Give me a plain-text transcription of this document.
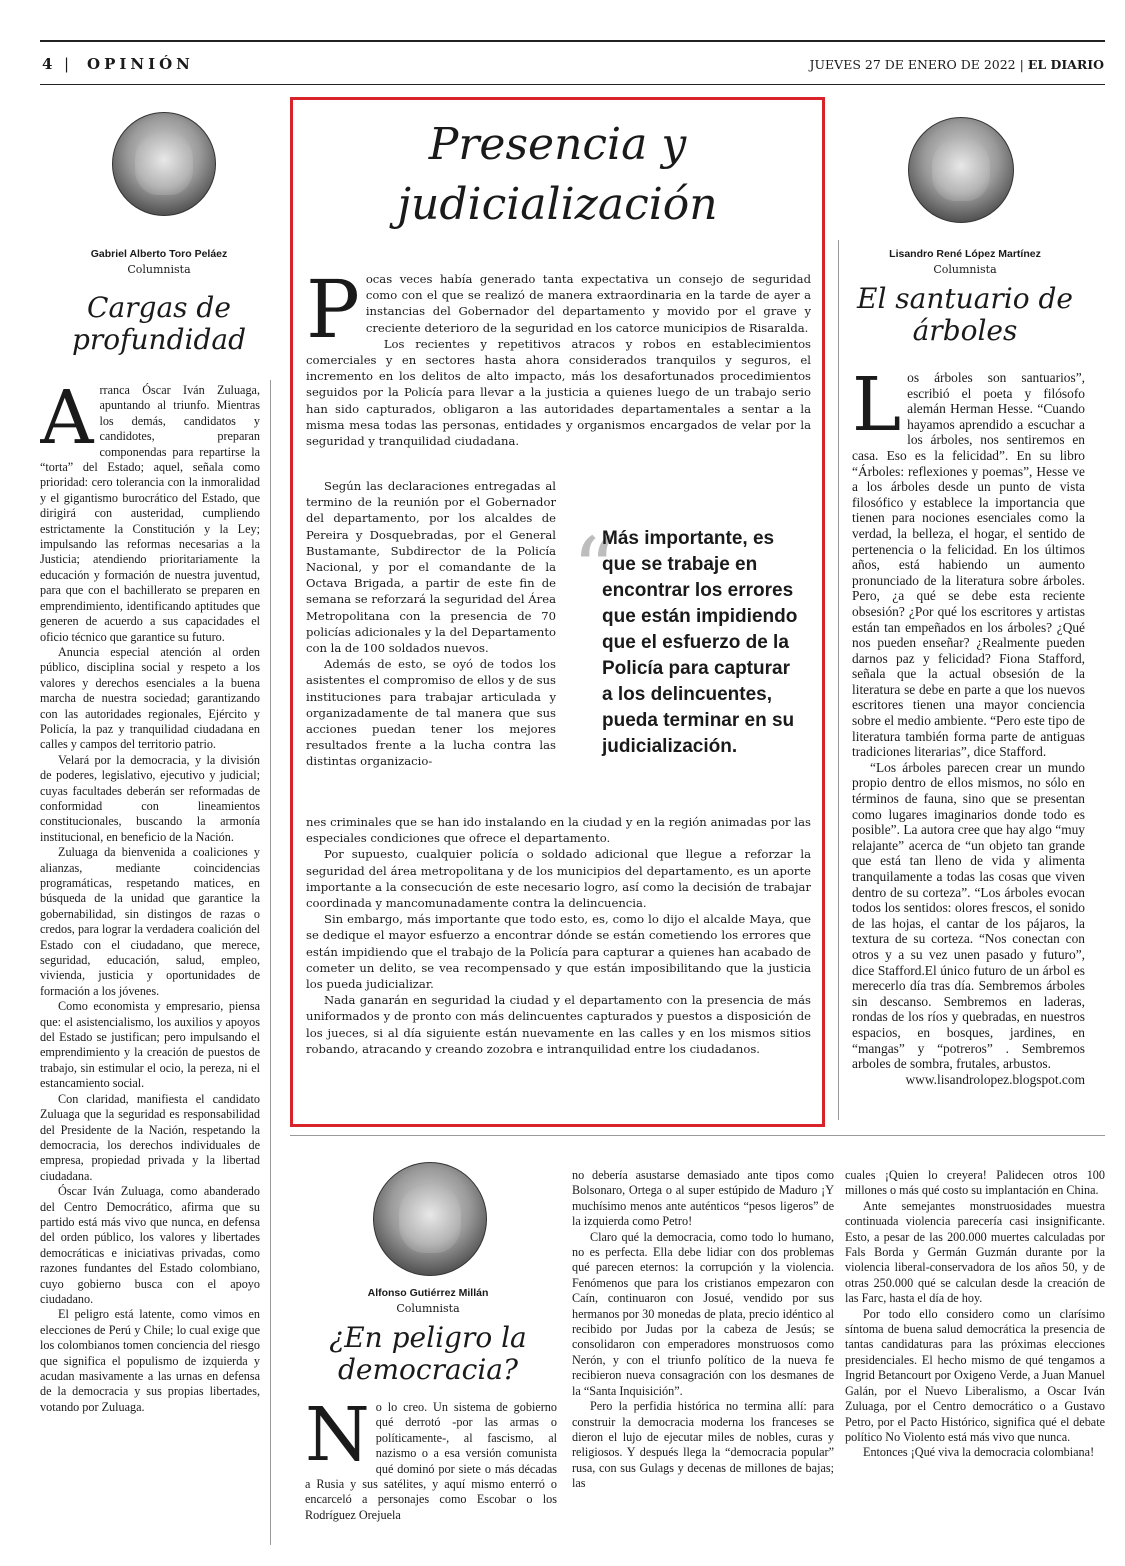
4 | OPINIÓN	JUEVES 27 DE ENERO DE 2022 | EL DIARIO
Gabriel Alberto Toro Peláez
Columnista
Cargas de
profundidad
A rranca Óscar Iván Zuluaga, apuntando al triunfo. Mientras los demás, candidatos y candidotes, preparan componendas para repartirse la “torta” del Estado; aquel, señala como prioridad: cero tolerancia con la inmoralidad y el gigantismo burocrático del Estado, que dirigirá con austeridad, cumpliendo estrictamente la Constitución y la Ley; impulsando las reformas necesarias a la Justicia; atendiendo prioritariamente la educación y formación de nuestra juventud, para que con el bachillerato se preparen en emprendimiento, identificando aptitudes que generen de acuerdo a sus capacidades el oficio técnico que garantice su futuro.

Anuncia especial atención al orden público, disciplina social y respeto a los valores y derechos esenciales a la buena marcha de nuestra sociedad; garantizando con las autoridades regionales, Ejército y Policía, la paz y tranquilidad ciudadana en calles y campos del territorio patrio.

Velará por la democracia, y la división de poderes, legislativo, ejecutivo y judicial; cuyas facultades deberán ser reformadas de conformidad con lineamientos constitucionales, buscando la armonía institucional, en beneficio de la Nación.

Zuluaga da bienvenida a coaliciones y alianzas, mediante coincidencias programáticas, respetando matices, en búsqueda de la unidad que garantice la gobernabilidad, sin distingos de razas o credos, para lograr la verdadera coalición del Estado con el ciudadano, que merece, seguridad, educación, salud, empleo, vivienda, justicia y oportunidades de formación a los jóvenes.

Como economista y empresario, piensa que: el asistencialismo, los auxilios y apoyos del Estado se justifican; pero impulsando el emprendimiento y la creación de puestos de trabajo, sin estimular el ocio, la pereza, ni el estancamiento social.

Con claridad, manifiesta el candidato Zuluaga que la seguridad es responsabilidad del Presidente de la Nación, respetando la democracia, los derechos individuales de empresa, propiedad privada y la libertad ciudadana.

Óscar Iván Zuluaga, como abanderado del Centro Democrático, afirma que su partido está más vivo que nunca, en defensa del orden público, los valores y libertades democráticas e iniciativas privadas, como razones fundantes del Estado colombiano, cuyo gobierno busca con el apoyo ciudadano.

El peligro está latente, como vimos en elecciones de Perú y Chile; lo cual exige que los colombianos tomen conciencia del riesgo que significa el populismo de izquierda y acudan masivamente a las urnas en defensa de la democracia y sus propias libertades, votando por Zuluaga.

Presencia y
judicialización
P ocas veces había generado tanta expectativa un consejo de seguridad como con el que se realizó de manera extraordinaria en la tarde de ayer a instancias del Gobernador del departamento y movido por el grave y creciente deterioro de la seguridad en los catorce municipios de Risaralda.

Los recientes y repetitivos atracos y robos en establecimientos comerciales y en sectores hasta ahora considerados tranquilos y seguros, el incremento en los delitos de alto impacto, más los desafortunados procedimientos seguidos por la Policía para llevar a la justicia a quienes luego de un trabajo serio han sido capturados, obligaron a las autoridades departamentales a sentar a la misma mesa todas las personas, entidades y organismos encargados de velar por la seguridad y tranquilidad ciudadana.

Según las declaraciones entregadas al termino de la reunión por el Gobernador del departamento, por los alcaldes de Pereira y Dosquebradas, por el General Bustamante, Subdirector de la Policía Nacional, y por el comandante de la Octava Brigada, a partir de este fin de semana se reforzará la seguridad del Área Metropolitana con la presencia de 70 policías adicionales y la del Departamento con la de 100 soldados nuevos.

Además de esto, se oyó de todos los asistentes el compromiso de ellos y de sus instituciones para trabajar articulada y organizadamente de tal manera que sus acciones puedan tener los mejores resultados frente a la lucha contra las distintas organizacio-

“
Más importante, es que se trabaje en encontrar los errores que están impidiendo que el esfuerzo de la Policía para capturar a los delincuentes, pueda terminar en su judicialización.

nes criminales que se han ido instalando en la ciudad y en la región animadas por las especiales condiciones que ofrece el departamento.

Por supuesto, cualquier policía o soldado adicional que llegue a reforzar la seguridad del área metropolitana y de los municipios del departamento, es un aporte importante a la consecución de este necesario logro, así como la decisión de trabajar coordinada y mancomunadamente contra la delincuencia.

Sin embargo, más importante que todo esto, es, como lo dijo el alcalde Maya, que se dedique el mayor esfuerzo a encontrar dónde se están cometiendo los errores que están impidiendo que el trabajo de la Policía para capturar a quienes han acabado de cometer un delito, se vea recompensado y que están imposibilitando que la justicia los pueda judicializar.

Nada ganarán en seguridad la ciudad y el departamento con la presencia de más uniformados y de pronto con más delincuentes capturados y puestos a disposición de los jueces, si al día siguiente están nuevamente en las calles y en los mismos sitios robando, atracando y creando zozobra e intranquilidad entre los ciudadanos.

Lisandro René López Martínez
Columnista
El santuario de
árboles
L os árboles son santuarios”, escribió el poeta y filósofo alemán Herman Hesse. “Cuando hayamos aprendido a escuchar a los árboles, nos sentiremos en casa. Eso es la felicidad”. En su libro “Árboles: reflexiones y poemas”, Hesse ve a los árboles desde un punto de vista filosófico y establece la importancia que tienen para nociones esenciales como la verdad, la belleza, el hogar, el sentido de pertenencia o la felicidad. En los últimos años, está habiendo un aumento pronunciado de la literatura sobre árboles. Pero, ¿a qué se debe esta reciente obsesión? ¿Por qué los escritores y artistas están tan empeñados en los árboles? ¿Qué nos pueden enseñar? ¿Realmente pueden darnos paz y felicidad? Fiona Stafford, señala que la actual obsesión de la literatura se debe en parte a que los nuevos escritores tienen una mayor conciencia sobre el medio ambiente. “Pero este tipo de literatura también forma parte de antiguas tradiciones literarias”, dice Stafford.

“Los árboles parecen crear un mundo propio dentro de ellos mismos, no sólo en términos de fauna, sino que se presentan como lugares imaginarios donde todo es posible”. La autora cree que hay algo “muy relajante” acerca de “un objeto tan grande que está tan lleno de vida y alimenta tranquilamente a todas las cosas que viven dentro de su corteza”. “Los árboles evocan todos los sentidos: olores frescos, el sonido de las hojas, el cantar de los pájaros, la textura de su corteza. “Nos conectan con otros y a su vez unen pasado y futuro”, dice Stafford.El único futuro de un árbol es merecerlo día tras día. Sembremos árboles sin descanso. Sembremos en laderas, rondas de los ríos y quebradas, en nuestros espacios, en bosques, jardines, en “mangas” y “potreros” . Sembremos arboles de sombra, frutales, arbustos.

www.lisandrolopez.blogspot.com

Alfonso Gutiérrez Millán
Columnista
¿En peligro la
democracia?
N o lo creo. Un sistema de gobierno qué derrotó -por las armas o políticamente-, al fascismo, al nazismo o a esa versión comunista qué dominó por siete o más décadas a Rusia y sus satélites, y aquí mismo enterró o encarceló a personajes como Escobar o los Rodríguez Orejuela

no debería asustarse demasiado ante tipos como Bolsonaro, Ortega o al super estúpido de Maduro ¡Y muchísimo menos ante auténticos “pesos ligeros” de la izquierda como Petro!

Claro qué la democracia, como todo lo humano, no es perfecta. Ella debe lidiar con dos problemas qué parecen eternos: la corrupción y la violencia. Fenómenos que para los cristianos empezaron con Caín, continuaron con Josué, vendido por sus hermanos por 30 monedas de plata, precio idéntico al recibido por Judas por la cabeza de Jesús; se consolidaron con emperadores monstruosos como Nerón, y con el triunfo político de la nueva fe recibieron nueva consagración con los desmanes de la “Santa Inquisición”.

Pero la perfidia histórica no termina allí: para construir la democracia moderna los franceses se dieron el lujo de ejecutar miles de nobles, curas y religiosos. Y después llega la “democracia popular” rusa, con sus Gulags y decenas de millones de bajas; las

cuales ¡Quien lo creyera! Palidecen otros 100 millones o más qué costo su implantación en China.

Ante semejantes monstruosidades muestra continuada violencia parecería casi insignificante. Esto, a pesar de las 200.000 muertes calculadas por Fals Borda y Germán Guzmán durante por la violencia liberal-conservadora de los años 50, y de otras 250.000 qué se calculan desde la creación de las Farc, hasta el día de hoy.

Por todo ello considero como un clarísimo síntoma de buena salud democrática la presencia de tantas candidaturas para las próximas elecciones presidenciales. El hecho mismo de qué tengamos a Ingrid Betancourt por Oxigeno Verde, a Juan Manuel Galán, por el Nuevo Liberalismo, a Oscar Iván Zuluaga, por el Centro democrático o a Gustavo Petro, por el Pacto Histórico, significa qué el debate político No Violento está más vivo que nunca.

Entonces ¡Qué viva la democracia colombiana!
